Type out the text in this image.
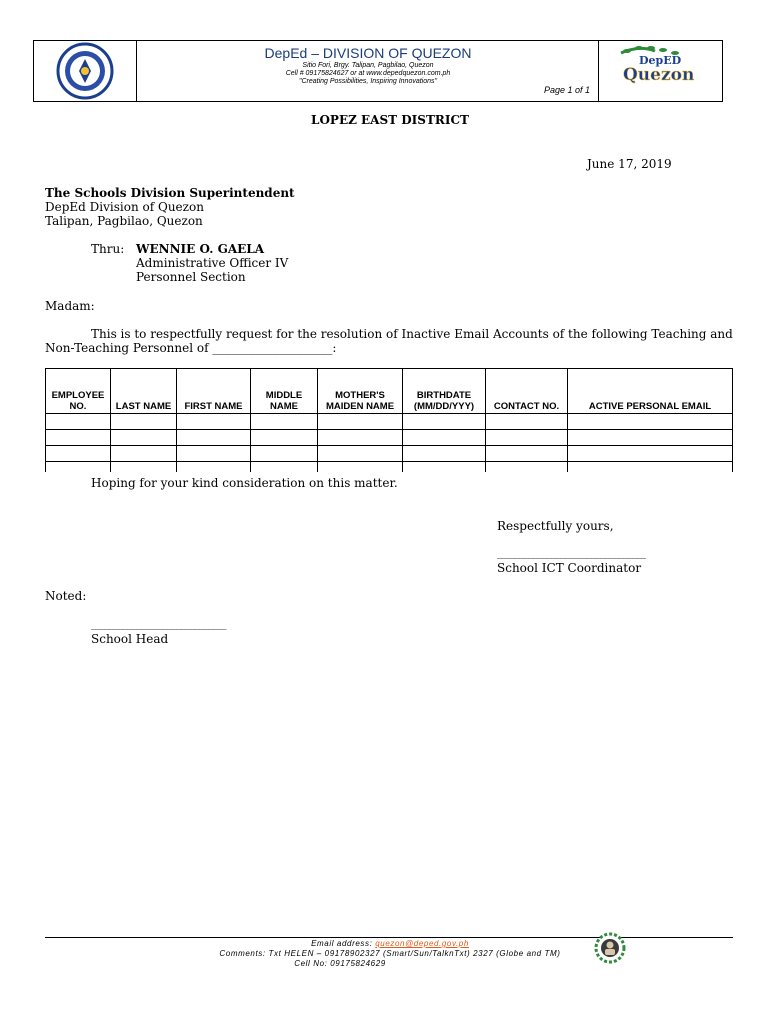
DepEd – DIVISION OF QUEZON
Sitio Fori, Brgy. Talipan, Pagbilao, Quezon
Cell # 09175824627 or at www.depedquezon.com.ph
"Creating Possibilities, Inspiring Innovations"
Page 1 of 1
DepED
Quezon
LOPEZ EAST DISTRICT
June 17, 2019
The Schools Division Superintendent
DepEd Division of Quezon
Talipan, Pagbilao, Quezon
Thru: WENNIE O. GAELA
Administrative Officer IV
Personnel Section
Madam:
This is to respectfully request for the resolution of Inactive Email Accounts of the following Teaching and
Non-Teaching Personnel of ____________________:
EMPLOYEE NO.	LAST NAME	FIRST NAME	MIDDLE NAME	MOTHER'S MAIDEN NAME	BIRTHDATE (MM/DD/YYY)	CONTACT NO.	ACTIVE PERSONAL EMAIL

Hoping for your kind consideration on this matter.
Respectfully yours,
_________________________________
School ICT Coordinator
Noted:
______________________________
School Head
Email address: quezon@deped.gov.ph
Comments: Txt HELEN – 09178902327 (Smart/Sun/TalknTxt) 2327 (Globe and TM)
Cell No: 09175824629
